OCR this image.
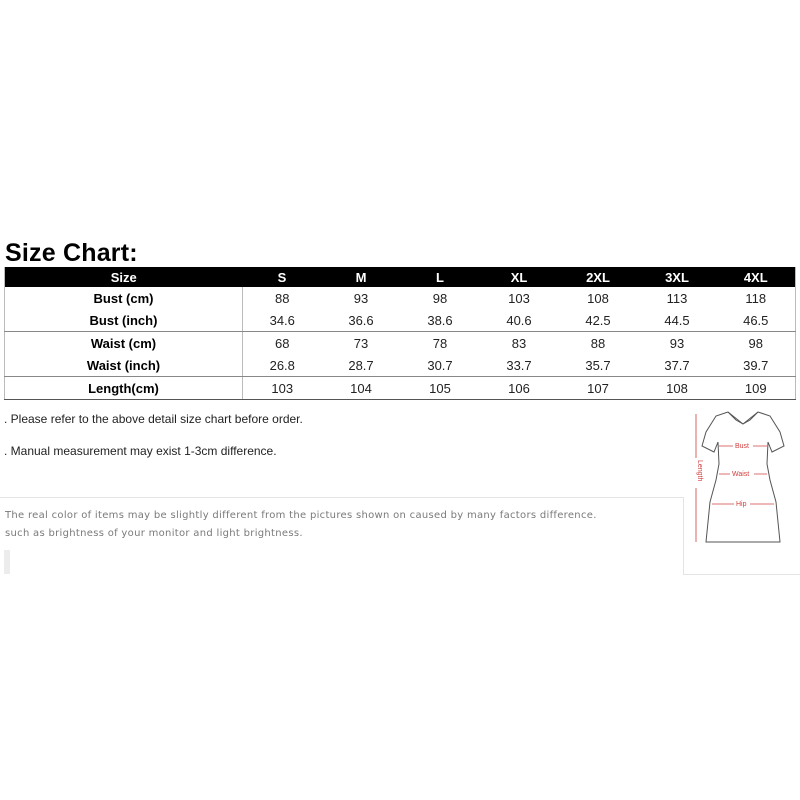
Size Chart:
Size	S	M	L	XL	2XL	3XL	4XL
Bust (cm)	88	93	98	103	108	113	118
Bust (inch)	34.6	36.6	38.6	40.6	42.5	44.5	46.5
Waist (cm)	68	73	78	83	88	93	98
Waist (inch)	26.8	28.7	30.7	33.7	35.7	37.7	39.7
Length(cm)	103	104	105	106	107	108	109
. Please refer to the above detail size chart before order.
. Manual measurement may exist 1-3cm difference.
The real color of items may be slightly different from the pictures shown on caused by many factors difference.
such as brightness of your monitor and light brightness.
Bust
Waist
Hip
Length
